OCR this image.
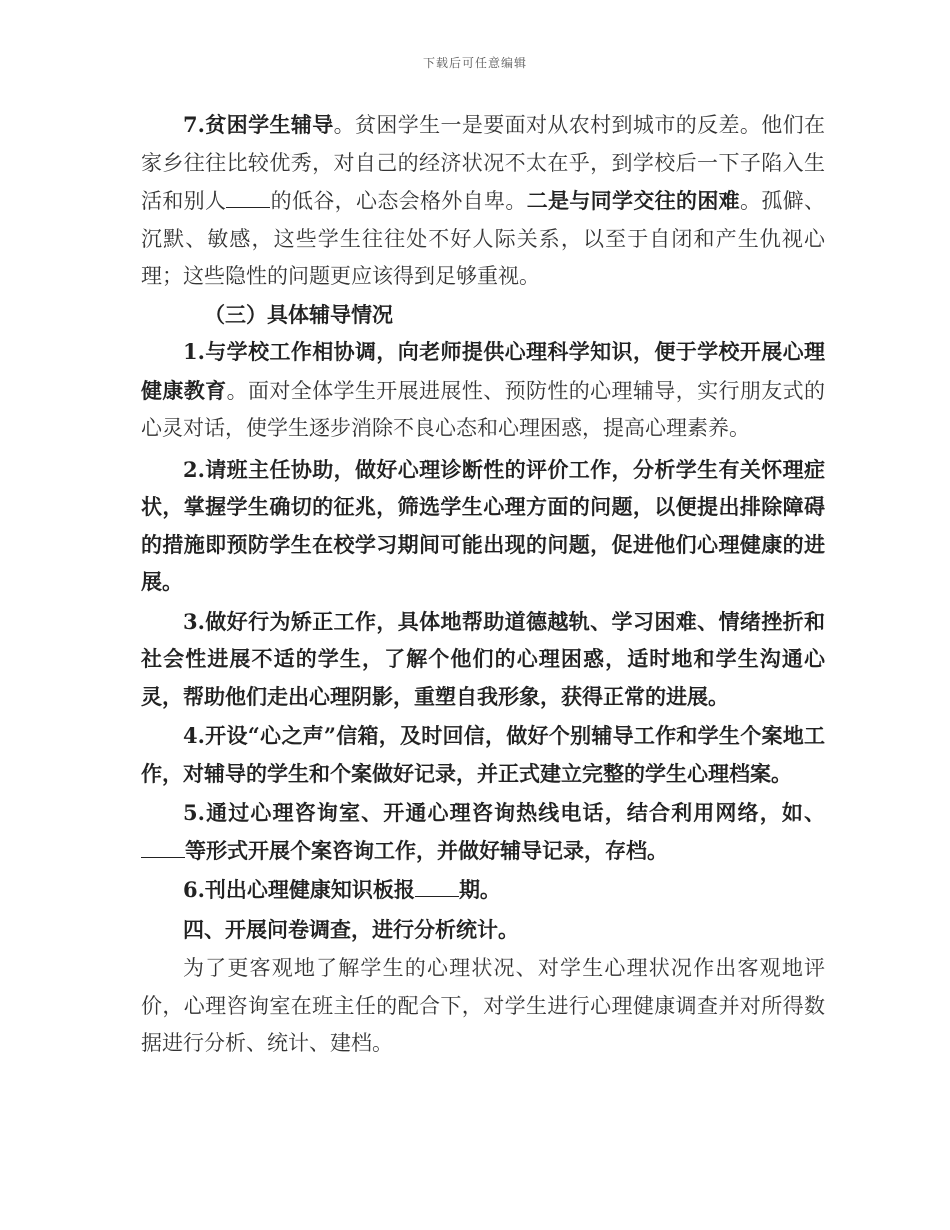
下载后可任意编辑

7.贫困学生辅导。贫困学生一是要面对从农村到城市的反差。他们在家乡往往比较优秀，对自己的经济状况不太在乎，到学校后一下子陷入生活和别人 的低谷，心态会格外自卑。二是与同学交往的困难。孤僻、沉默、敏感，这些学生往往处不好人际关系，以至于自闭和产生仇视心理；这些隐性的问题更应该得到足够重视。

（三）具体辅导情况

1.与学校工作相协调，向老师提供心理科学知识，便于学校开展心理健康教育。面对全体学生开展进展性、预防性的心理辅导，实行朋友式的心灵对话，使学生逐步消除不良心态和心理困惑，提高心理素养。

2.请班主任协助，做好心理诊断性的评价工作，分析学生有关怀理症状，掌握学生确切的征兆，筛选学生心理方面的问题，以便提出排除障碍的措施即预防学生在校学习期间可能出现的问题，促进他们心理健康的进展。

3.做好行为矫正工作，具体地帮助道德越轨、学习困难、情绪挫折和社会性进展不适的学生，了解个他们的心理困惑，适时地和学生沟通心灵，帮助他们走出心理阴影，重塑自我形象，获得正常的进展。

4.开设“心之声”信箱，及时回信，做好个别辅导工作和学生个案地工作，对辅导的学生和个案做好记录，并正式建立完整的学生心理档案。

5.通过心理咨询室、开通心理咨询热线电话，结合利用网络，如、等形式开展个案咨询工作，并做好辅导记录，存档。

6.刊出心理健康知识板报 期。

四、开展问卷调查，进行分析统计。

为了更客观地了解学生的心理状况、对学生心理状况作出客观地评价，心理咨询室在班主任的配合下，对学生进行心理健康调查并对所得数据进行分析、统计、建档。
